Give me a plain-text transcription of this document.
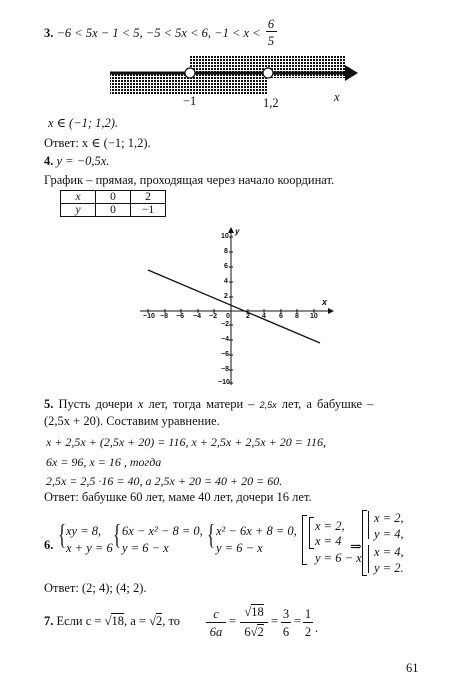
3. −6 < 5x − 1 < 5, −5 < 5x < 6, −1 < x <
6
5
−1	1,2	x
x ∈ (−1; 1,2).
Ответ: x ∈ (−1; 1,2).
4. y = −0,5x.
График – прямая, проходящая через начало координат.
x	0	2
y	0	−1
x
y
−10 −8 −6 −4 −2 0 2 4 6 8 10
10
8
6
4
2
−2
−4
−6
−8
−10
5. Пусть дочери x лет, тогда матери – 2,5x лет, а бабушке –
(2,5x + 20). Составим уравнение.
x + 2,5x + (2,5x + 20) = 116, x + 2,5x + 2,5x + 20 = 116,
6x = 96, x = 16 , тогда
2,5x = 2,5 ·16 = 40, а 2,5x + 20 = 40 + 20 = 60.
Ответ: бабушке 60 лет, маме 40 лет, дочери 16 лет.
6. { xy = 8,
x + y = 6 { 6x − x² − 8 = 0,
y = 6 − x { x² − 6x + 8 = 0,
y = 6 − x
x = 2,
x = 4
y = 6 − x
⇒
x = 2,
y = 4,
x = 4,
y = 2.
Ответ: (2; 4); (4; 2).
7. Если c = √18, a = √2, то	c
6a
=
√18
6√2
= 3
6
= 1
2 .
61
